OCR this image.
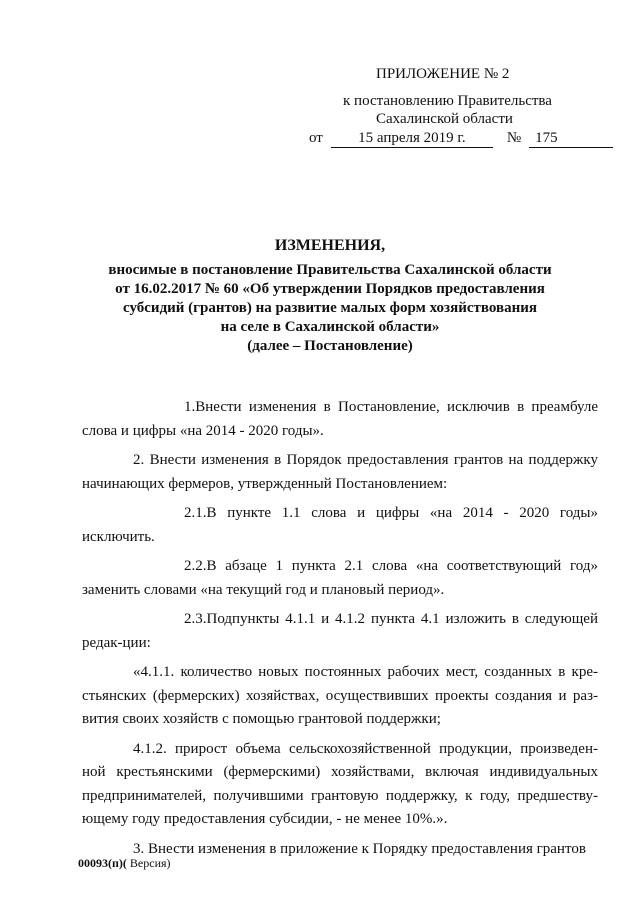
ПРИЛОЖЕНИЕ № 2
к постановлению Правительства
Сахалинской области
от	15 апреля 2019 г.	№ 175
ИЗМЕНЕНИЯ,
вносимые в постановление Правительства Сахалинской области
от 16.02.2017 № 60 «Об утверждении Порядков предоставления
субсидий (грантов) на развитие малых форм хозяйствования
на селе в Сахалинской области»
(далее – Постановление)

1.Внести изменения в Постановление, исключив в преамбуле слова и цифры «на 2014 - 2020 годы».

2. Внести изменения в Порядок предоставления грантов на поддержку начинающих фермеров, утвержденный Постановлением:

2.1.В пункте 1.1 слова и цифры «на 2014 - 2020 годы» исключить.

2.2.В абзаце 1 пункта 2.1 слова «на соответствующий год» заменить словами «на текущий год и плановый период».

2.3.Подпункты 4.1.1 и 4.1.2 пункта 4.1 изложить в следующей редак-ции:

«4.1.1. количество новых постоянных рабочих мест, созданных в кре-стьянских (фермерских) хозяйствах, осуществивших проекты создания и раз-вития своих хозяйств с помощью грантовой поддержки;

4.1.2. прирост объема сельскохозяйственной продукции, произведен-ной крестьянскими (фермерскими) хозяйствами, включая индивидуальных предпринимателей, получившими грантовую поддержку, к году, предшеству-ющему году предоставления субсидии, - не менее 10%.».

3. Внести изменения в приложение к Порядку предоставления грантов

00093(п)( Версия)
